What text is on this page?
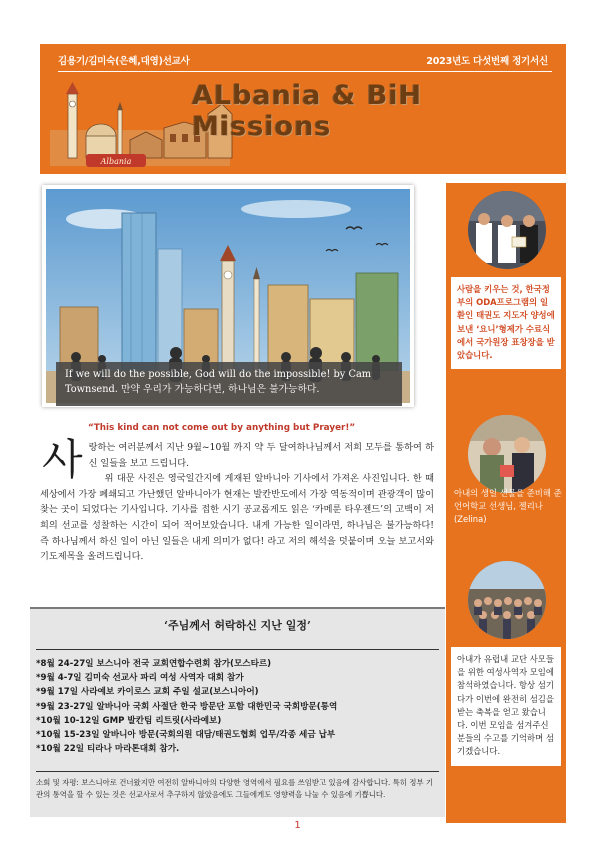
김용기/김미숙(은혜,대영)선교사	2023년도 다섯번째 정기서신
Albania
ALbania & BiH Missions
If we will do the possible, God will do the impossible! by Cam Townsend. 만약 우리가 가능하다면, 하나님은 불가능하다.
“This kind can not come out by anything but Prayer!”
사 랑하는 여러분께서 지난 9월~10월 까지 약 두 달여하나님께서 저희 모두를 통하여 하신 일들을 보고 드립니다.

위 대문 사진은 영국일간지에 게재된 알바니아 기사에서 가져온 사진입니다. 한 때 세상에서 가장 폐쇄되고 가난했던 알바니아가 현재는 발칸반도에서 가장 역동적이며 관광객이 많이 찾는 곳이 되었다는 기사입니다. 기사를 접한 시기 공교롭게도 읽은 ‘카메룬 타우젠드’의 고백이 저희의 선교를 성찰하는 시간이 되어 적어보았습니다. 내게 가능한 일이라면, 하나님은 불가능하다! 즉 하나님께서 하신 일이 아닌 일들은 내게 의미가 없다! 라고 저의 해석을 덧붙이며 오늘 보고서와 기도제목을 올려드립니다.

‘주님께서 허락하신 지난 일정’
*8월 24-27일 보스니아 전국 교회연합수련회 참가(모스타르)
*9월 4-7일 김미숙 선교사 파리 여성 사역자 대회 참가
*9월 17일 사라예보 카이로스 교회 주일 설교(보스니아어)
*9월 23-27일 알바니아 국회 사절단 한국 방문단 포함 대한민국 국회방문(통역
*10월 10-12일 GMP 발칸팀 리트릿(사라예보)
*10월 15-23일 알바니아 방문(국회의원 대담/태권도협회 업무/각종 세금 납부
*10월 22일 티라나 마라톤대회 참가.
소회 및 자평: 보스니아로 건너왔지만 여전히 알바니아의 다양한 영역에서 필요를 쓰임받고 있음에 감사합니다. 특히 정부 기관의 통역을 할 수 있는 것은 선교사로서 추구하지 않았음에도 그들에게도 영향력을 나눌 수 있음에 기쁩니다.
1
사람을 키우는 것, 한국정부의 ODA프로그램의 일환인 태권도 지도자 양성에 보낸 ‘요니’형제가 수료식에서 국가원장 표창장을 받았습니다.
아내의 생일 선물을 준비해 준 언어학교 선생님, 젤리나(Zelina)
아내가 유럽내 교단 사모들을 위한 여성사역자 모임에 참석하였습니다. 항상 섬기다가 이번에 완전히 섬김을 받는 축복을 얻고 왔습니다. 이번 모임을 섬겨주신 분들의 수고를 기억하며 섬기겠습니다.
